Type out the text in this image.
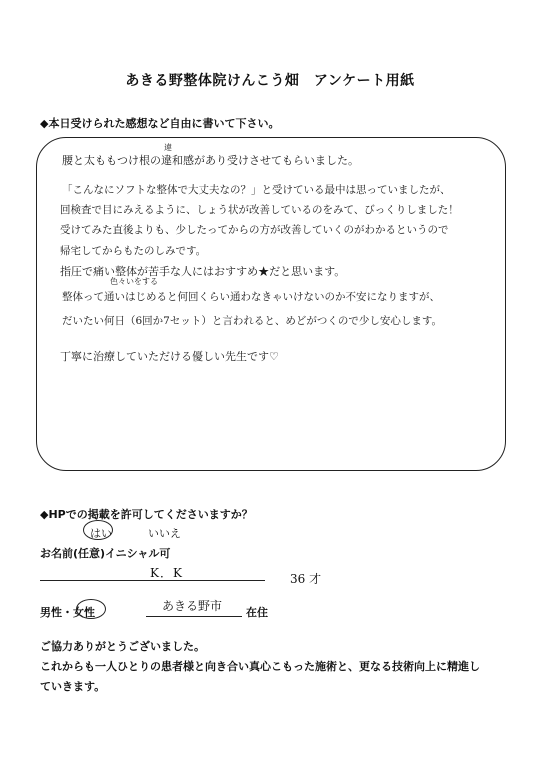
あきる野整体院けんこう畑　アンケート用紙
◆本日受けられた感想など自由に書いて下さい。
違
色々いをする
腰と太ももつけ根の違和感があり受けさせてもらいました。
「こんなにソフトな整体で大丈夫なの？」と受けている最中は思っていましたが、
回検査で目にみえるように、しょう状が改善しているのをみて、びっくりしました！
受けてみた直後よりも、少したってからの方が改善していくのがわかるというので
帰宅してからもたのしみです。
指圧で痛い整体が苦手な人にはおすすめ★だと思います。
整体って通いはじめると何回くらい通わなきゃいけないのか不安になりますが、
だいたい何日（6回か7セット）と言われると、めどがつくので少し安心します。
丁寧に治療していただける優しい先生です♡
◆HPでの掲載を許可してくださいますか？
はい	いいえ
お名前(任意)イニシャル可
K．K	36 才
男性・女性	あきる野市 在住
ご協力ありがとうございました。
これからも一人ひとりの患者様と向き合い真心こもった施術と、更なる技術向上に精進し
ていきます。
